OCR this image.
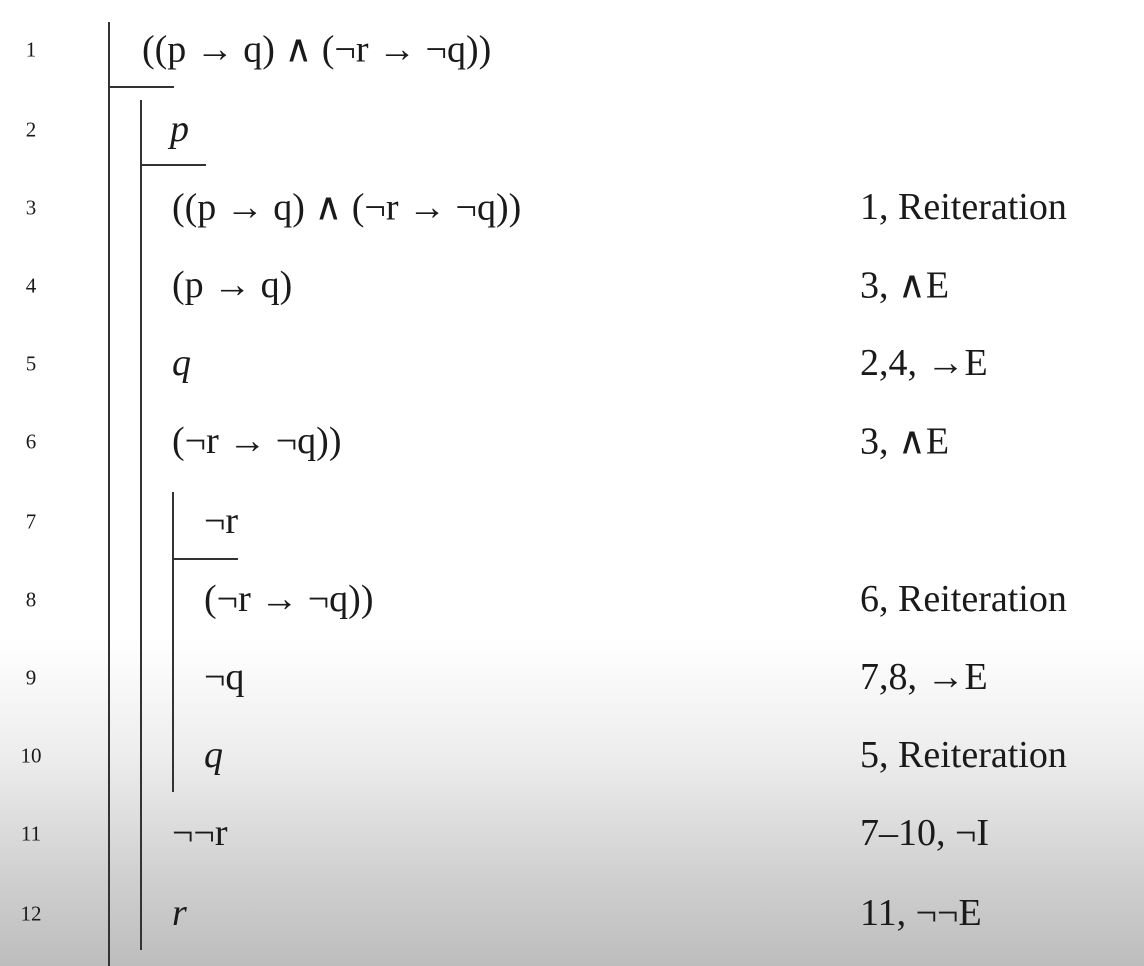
1	((p → q) ∧ (¬r → ¬q))
2	p
3	((p → q) ∧ (¬r → ¬q))	1, Reiteration
4	(p → q)	3, ∧E
5	q	2,4, →E
6	(¬r → ¬q))	3, ∧E
7	¬r
8	(¬r → ¬q))	6, Reiteration
9	¬q	7,8, →E
10	q	5, Reiteration
11	¬¬r	7–10, ¬I
12	r	11, ¬¬E
